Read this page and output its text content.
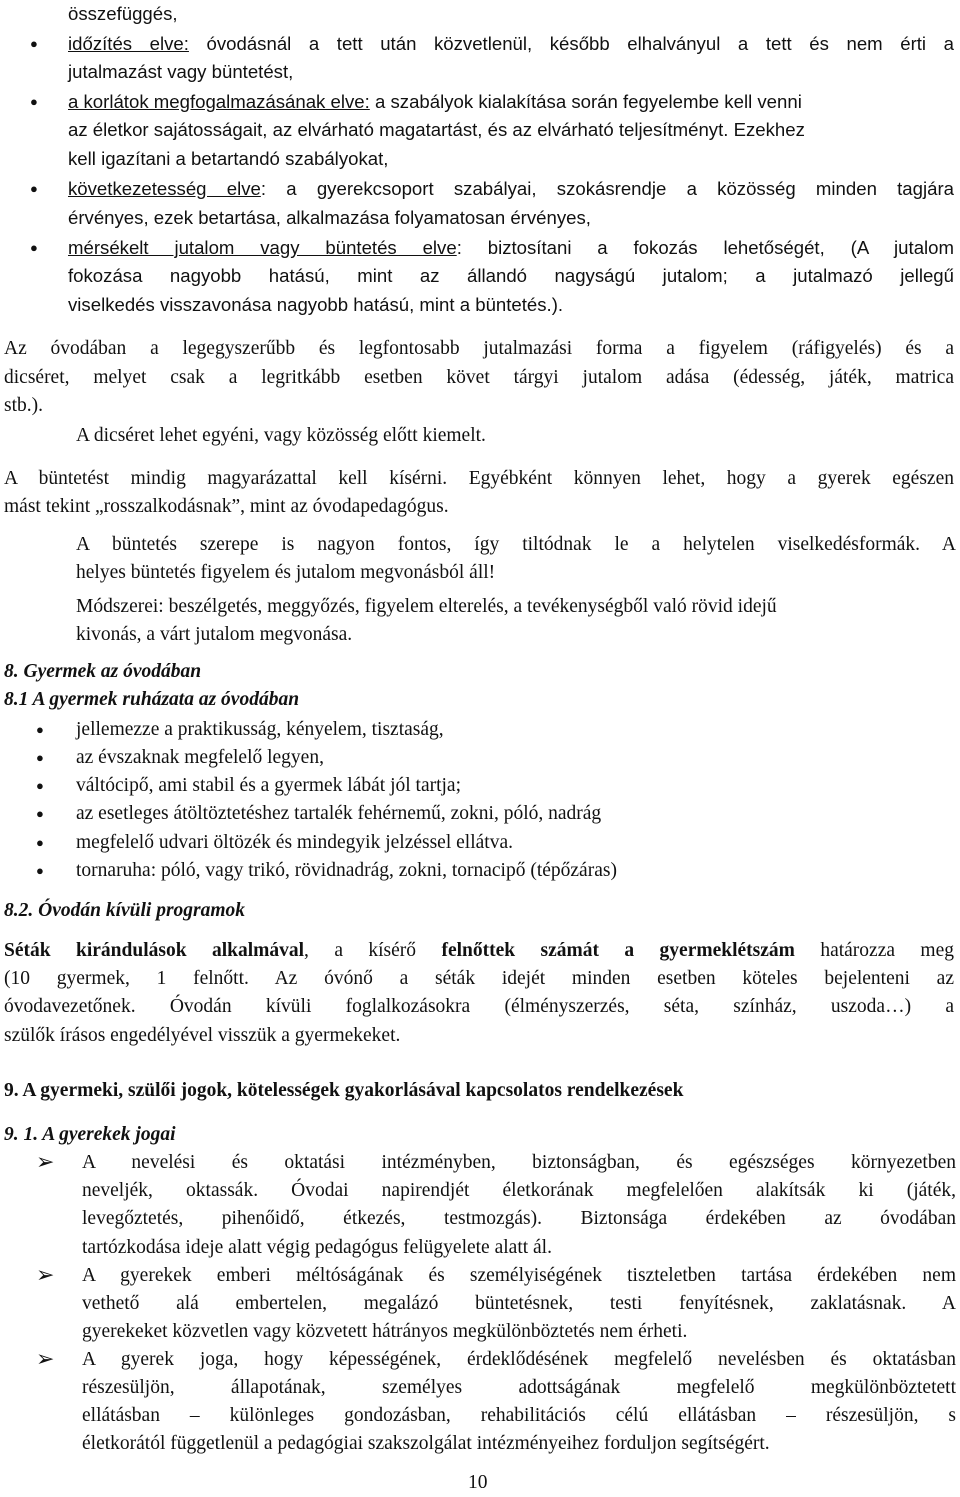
összefüggés,

● időzítés elve: óvodásnál a tett után közvetlenül, később elhalványul a tett és nem érti a

jutalmazást vagy büntetést,

● a korlátok megfogalmazásának elve: a szabályok kialakítása során fegyelembe kell venni

az életkor sajátosságait, az elvárható magatartást, és az elvárható teljesítményt. Ezekhez

kell igazítani a betartandó szabályokat,

● következetesség elve: a gyerekcsoport szabályai, szokásrendje a közösség minden tagjára

érvényes, ezek betartása, alkalmazása folyamatosan érvényes,

● mérsékelt jutalom vagy büntetés elve: biztosítani a fokozás lehetőségét, (A jutalom

fokozása nagyobb hatású, mint az állandó nagyságú jutalom; a jutalmazó jellegű

viselkedés visszavonása nagyobb hatású, mint a büntetés.).

Az óvodában a legegyszerűbb és legfontosabb jutalmazási forma a figyelem (ráfigyelés) és a

dicséret, melyet csak a legritkább esetben követ tárgyi jutalom adása (édesség, játék, matrica

stb.).

A dicséret lehet egyéni, vagy közösség előtt kiemelt.

A büntetést mindig magyarázattal kell kísérni. Egyébként könnyen lehet, hogy a gyerek egészen

mást tekint „rosszalkodásnak”, mint az óvodapedagógus.

A büntetés szerepe is nagyon fontos, így tiltódnak le a helytelen viselkedésformák. A

helyes büntetés figyelem és jutalom megvonásból áll!

Módszerei: beszélgetés, meggyőzés, figyelem elterelés, a tevékenységből való rövid idejű

kivonás, a várt jutalom megvonása.

8. Gyermek az óvodában

8.1 A gyermek ruházata az óvodában

● jellemezze a praktikusság, kényelem, tisztaság,

● az évszaknak megfelelő legyen,

● váltócipő, ami stabil és a gyermek lábát jól tartja;

● az esetleges átöltöztetéshez tartalék fehérnemű, zokni, póló, nadrág

● megfelelő udvari öltözék és mindegyik jelzéssel ellátva.

● tornaruha: póló, vagy trikó, rövidnadrág, zokni, tornacipő (tépőzáras)

8.2. Óvodán kívüli programok

Séták kirándulások alkalmával, a kísérő felnőttek számát a gyermeklétszám határozza meg

(10 gyermek, 1 felnőtt. Az óvónő a séták idejét minden esetben köteles bejelenteni az

óvodavezetőnek. Óvodán kívüli foglalkozásokra (élményszerzés, séta, színház, uszoda…) a

szülők írásos engedélyével visszük a gyermekeket.

9. A gyermeki, szülői jogok, kötelességek gyakorlásával kapcsolatos rendelkezések

9. 1. A gyerekek jogai

➢ A nevelési és oktatási intézményben, biztonságban, és egészséges környezetben

neveljék, oktassák. Óvodai napirendjét életkorának megfelelően alakítsák ki (játék,

levegőztetés, pihenőidő, étkezés, testmozgás). Biztonsága érdekében az óvodában

tartózkodása ideje alatt végig pedagógus felügyelete alatt ál.

➢ A gyerekek emberi méltóságának és személyiségének tiszteletben tartása érdekében nem

vethető alá embertelen, megalázó büntetésnek, testi fenyítésnek, zaklatásnak. A

gyerekeket közvetlen vagy közvetett hátrányos megkülönböztetés nem érheti.

➢ A gyerek joga, hogy képességének, érdeklődésének megfelelő nevelésben és oktatásban

részesüljön, állapotának, személyes adottságának megfelelő megkülönböztetett

ellátásban – különleges gondozásban, rehabilitációs célú ellátásban – részesüljön, s

életkorától függetlenül a pedagógiai szakszolgálat intézményeihez forduljon segítségért.

10
